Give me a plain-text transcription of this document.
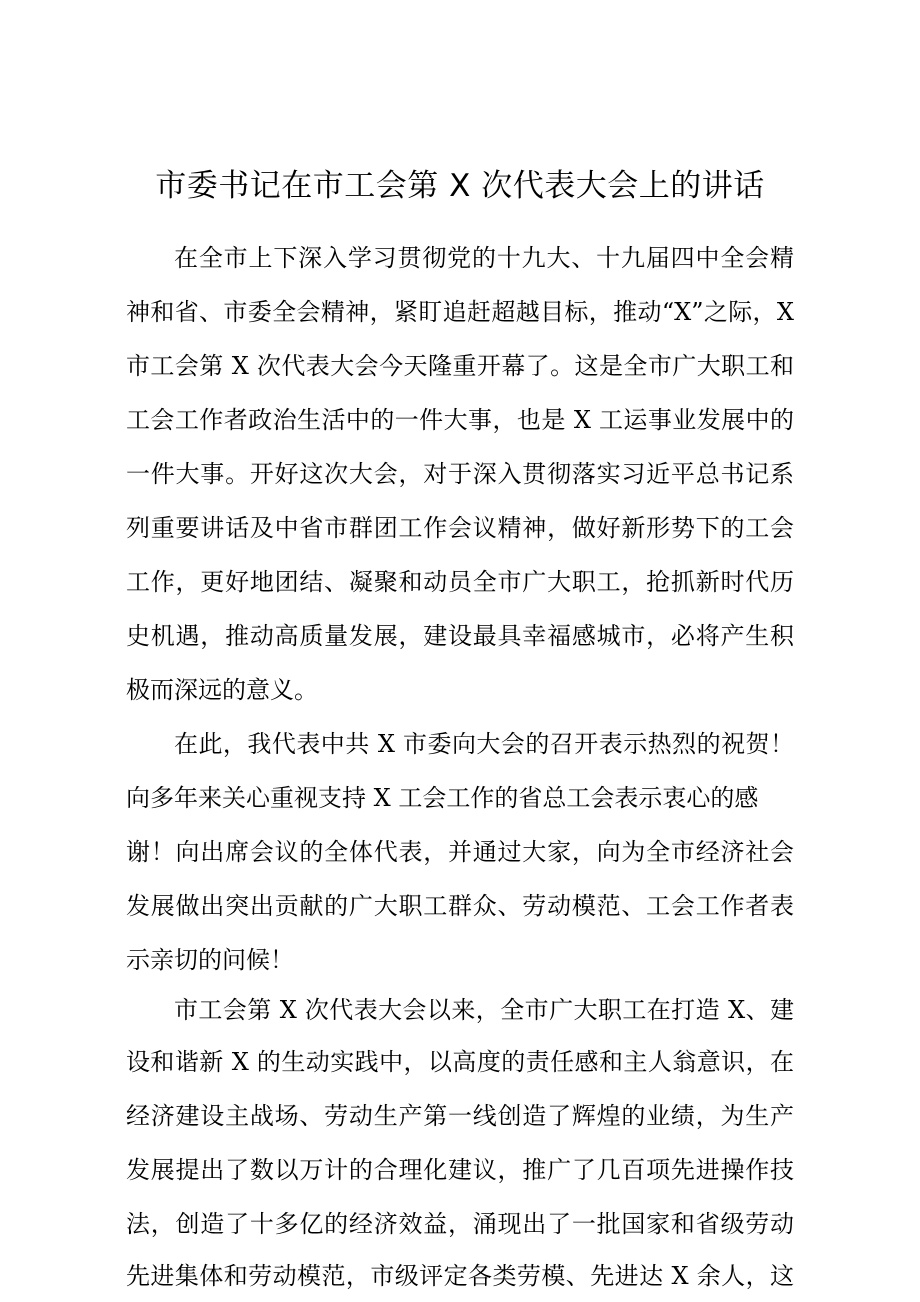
市委书记在市工会第 X 次代表大会上的讲话
在全市上下深入学习贯彻党的十九大、十九届四中全会精
神和省、市委全会精神，紧盯追赶超越目标，推动“X”之际，X
市工会第 X 次代表大会今天隆重开幕了。这是全市广大职工和
工会工作者政治生活中的一件大事，也是 X 工运事业发展中的
一件大事。开好这次大会，对于深入贯彻落实习近平总书记系
列重要讲话及中省市群团工作会议精神，做好新形势下的工会
工作，更好地团结、凝聚和动员全市广大职工，抢抓新时代历
史机遇，推动高质量发展，建设最具幸福感城市，必将产生积
极而深远的意义。
在此，我代表中共 X 市委向大会的召开表示热烈的祝贺！
向多年来关心重视支持 X 工会工作的省总工会表示衷心的感
谢！向出席会议的全体代表，并通过大家，向为全市经济社会
发展做出突出贡献的广大职工群众、劳动模范、工会工作者表
示亲切的问候！
市工会第 X 次代表大会以来，全市广大职工在打造 X、建
设和谐新 X 的生动实践中，以高度的责任感和主人翁意识，在
经济建设主战场、劳动生产第一线创造了辉煌的业绩，为生产
发展提出了数以万计的合理化建议，推广了几百项先进操作技
法，创造了十多亿的经济效益，涌现出了一批国家和省级劳动
先进集体和劳动模范，市级评定各类劳模、先进达 X 余人，这
